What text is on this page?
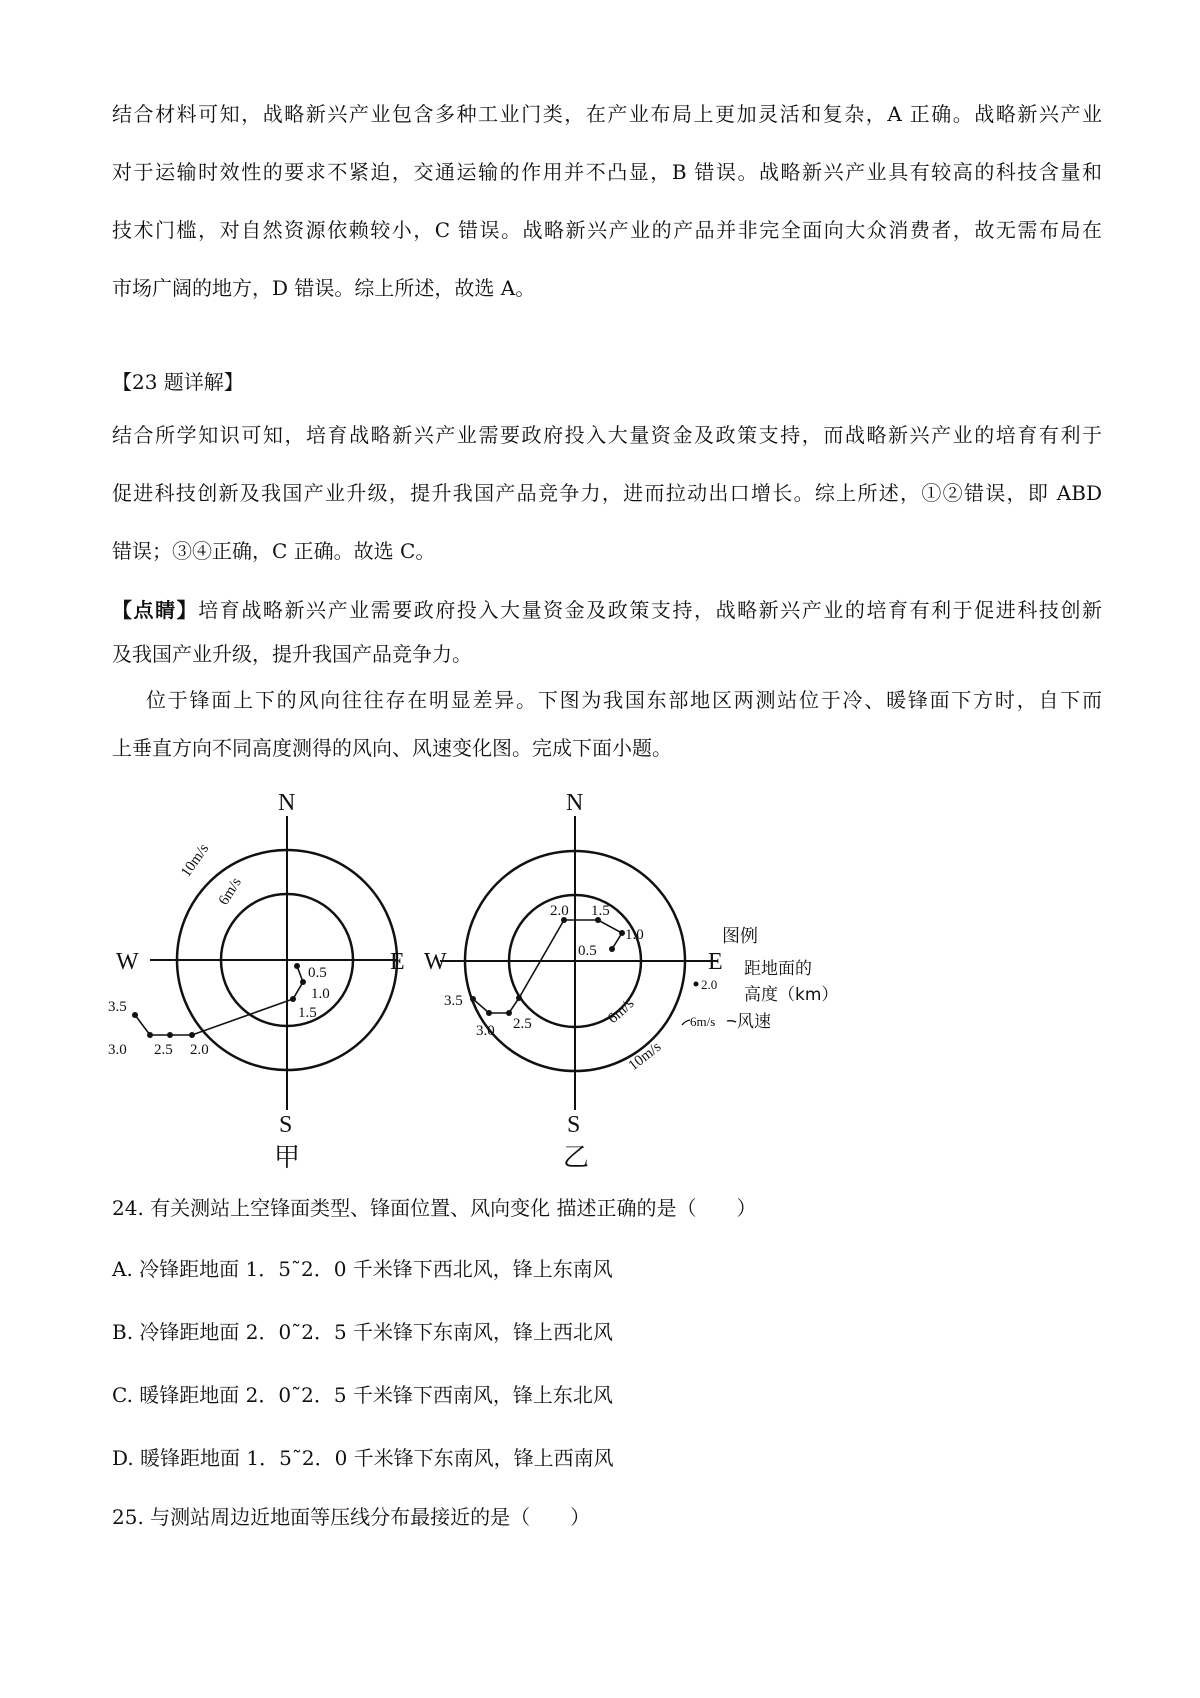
结合材料可知，战略新兴产业包含多种工业门类，在产业布局上更加灵活和复杂，A 正确。战略新兴产业
对于运输时效性的要求不紧迫，交通运输的作用并不凸显，B 错误。战略新兴产业具有较高的科技含量和
技术门槛，对自然资源依赖较小，C 错误。战略新兴产业的产品并非完全面向大众消费者，故无需布局在
市场广阔的地方，D 错误。综上所述，故选 A。
【23 题详解】
结合所学知识可知，培育战略新兴产业需要政府投入大量资金及政策支持，而战略新兴产业的培育有利于
促进科技创新及我国产业升级，提升我国产品竞争力，进而拉动出口增长。综上所述，①②错误，即 ABD
错误；③④正确，C 正确。故选 C。
【点睛】培育战略新兴产业需要政府投入大量资金及政策支持，战略新兴产业的培育有利于促进科技创新
及我国产业升级，提升我国产品竞争力。
位于锋面上下的风向往往存在明显差异。下图为我国东部地区两测站位于冷、暖锋面下方时，自下而
上垂直方向不同高度测得的风向、风速变化图。完成下面小题。
N
S
W	E
N
S
W	E
10m/s
6m/s
6m/s
10m/s
0.5
1.0
1.5
2.0
2.5
3.0
3.5
0.5
1.0
1.5
2.0
2.5
3.0
3.5
甲	乙
图例
2.0
距地面的
高度（km）
6m/s 风速
24. 有关测站上空锋面类型、锋面位置、风向变化 描述正确的是（　　）
A. 冷锋距地面 1．5˜2．0 千米锋下西北风，锋上东南风
B. 冷锋距地面 2．0˜2．5 千米锋下东南风，锋上西北风
C. 暖锋距地面 2．0˜2．5 千米锋下西南风，锋上东北风
D. 暖锋距地面 1．5˜2．0 千米锋下东南风，锋上西南风
25. 与测站周边近地面等压线分布最接近的是（　　）
